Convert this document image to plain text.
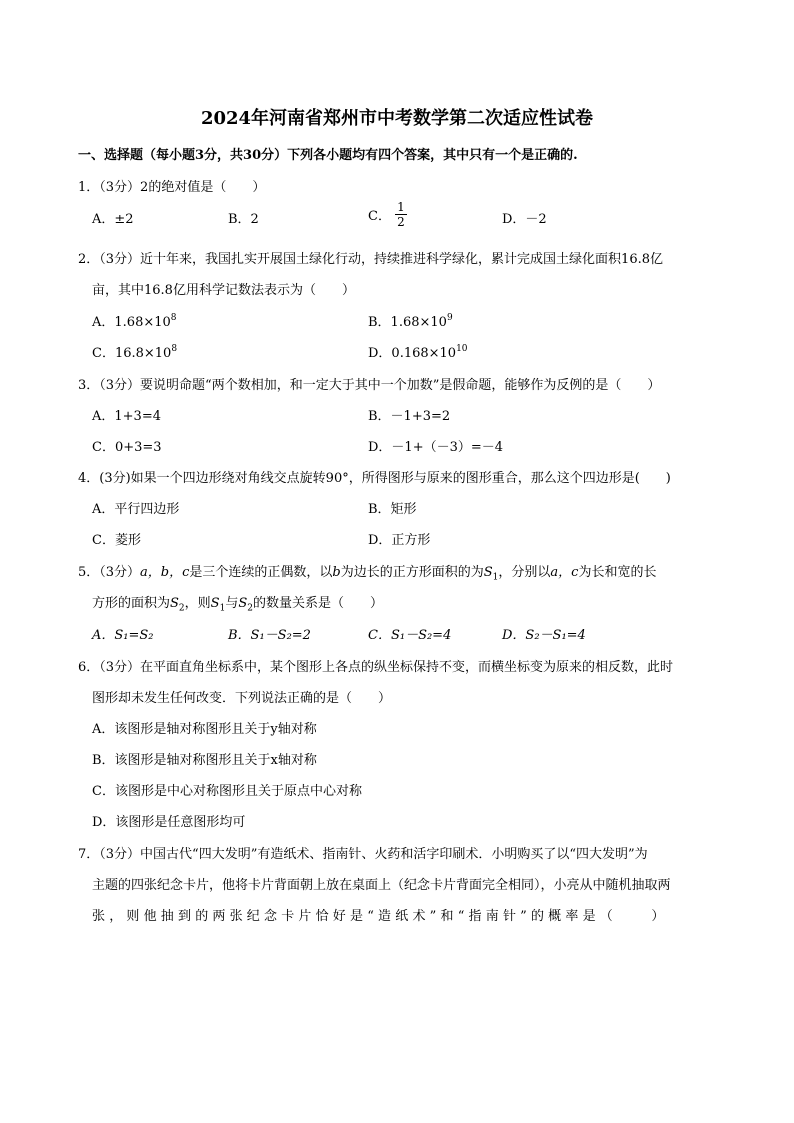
2024年河南省郑州市中考数学第二次适应性试卷
一、选择题（每小题3分，共30分）下列各小题均有四个答案，其中只有一个是正确的.
1．（3分）2的绝对值是（　　）
A．±2	B．2	C． $\frac{1}{2}$	D．－2
2．（3分）近十年来，我国扎实开展国土绿化行动，持续推进科学绿化，累计完成国土绿化面积16.8亿
亩，其中16.8亿用科学记数法表示为（　　）
A．$1.68\times 10^8$	B．$1.68\times 10^9$
C．$16.8\times 10^8$	D．$0.168\times 10^{10}$
3．（3分）要说明命题“两个数相加，和一定大于其中一个加数”是假命题，能够作为反例的是（　　）
A．1+3=4	B．－1+3=2
C．0+3=3	D．－1+（－3）=－4
4．(3分)如果一个四边形绕对角线交点旋转90°，所得图形与原来的图形重合，那么这个四边形是(　　)
A．平行四边形	B．矩形
C．菱形	D．正方形
5．（3分）a，b，c是三个连续的正偶数，以b为边长的正方形面积的为$S_1$，分别以a，c为长和宽的长
方形的面积为$S_2$，则$S_1$与$S_2$的数量关系是（　　）
A．S₁=S₂	B．S₁－S₂=2	C．S₁－S₂=4	D．S₂－S₁=4
6．（3分）在平面直角坐标系中，某个图形上各点的纵坐标保持不变，而横坐标变为原来的相反数，此时
图形却未发生任何改变．下列说法正确的是（　　）
A．该图形是轴对称图形且关于y轴对称
B．该图形是轴对称图形且关于x轴对称
C．该图形是中心对称图形且关于原点中心对称
D．该图形是任意图形均可
7．（3分）中国古代“四大发明”有造纸术、指南针、火药和活字印刷术．小明购买了以“四大发明”为
主题的四张纪念卡片，他将卡片背面朝上放在桌面上（纪念卡片背面完全相同），小亮从中随机抽取两
张，则他抽到的两张纪念卡片恰好是“造纸术”和“指南针”的概率是（　　）
